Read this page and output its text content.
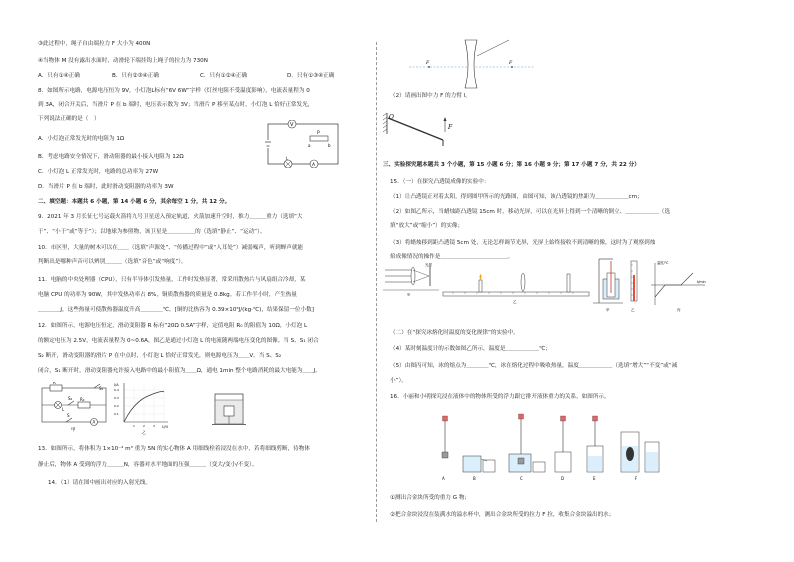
③此过程中，绳子自由端拉力 F 大小为 400N
④当物体 M 没有露出水面时，动滑轮下端挂钩上绳子的拉力为 730N
A．只有①④正确	B．只有②③④正确	C．只有①②④正确	D．只有①③④正确
8．如图所示电路，电源电压恒为 9V，小灯泡L标有“6V 6W”字样（灯丝电阻不受温度影响），电流表量程为 0
到 3A，闭合开关后，当滑片 P 在 b 端时，电压表示数为 3V；当滑片 P 移至某点时，小灯泡 L 恰好正常发光，
下列说法正确的是（　）
A．小灯泡正常发光时的电阻为 1Ω
B．考虑电路安全情况下，滑动阻器的最小接入电阻为 12Ω
C．小灯泡 L 正常发光时，电路的总功率为 27W
D．当滑片 P 在 b 端时，此时滑动变阻器的功率为 3W
V
P
a	b
L
A
二、填空题：本题共 6 小题，第 14 小题 6 分，其余每空 1 分，共 12 分。
9．2021 年 3 月长征七号运载火箭将九号卫星送入预定轨道，火箭加速升空时，推力＿＿＿重力（选填“大
于”、“小于”或“等于”）；以地球为参照物，该卫星是＿＿＿＿＿的（选填“静止”、“运动”）。
10．市区里，大量的树木可以在＿＿（选填“声源处”、“传播过程中”或“人耳处”）减弱噪声，听到蝉声就能
判断出是哪种声音可以辨别＿＿＿（选填“音色”或“响度”）。
11．电脑的中央处理器（CPU），只有半导体引发热量，工作时发热显著，常采用散热片与风扇组合冷却，某
电脑 CPU 的功率为 90W，其中发热功率占 8%，铜质散热器的质量是 0.8kg。若工作半小时，产生热量
＿＿＿＿J，这些热量可使散热器温度升高＿＿＿＿℃。[铜的比热容为 0.39×10³J/(kg·℃)，结果保留一位小数]
12．如图所示，电源电压恒定，滑动变阻器 R 标有“20Ω 0.5A”字样，定值电阻 R₀ 的阻值为 10Ω，小灯泡 L
的额定电压为 2.5V，电流表量程为 0~0.6A，图乙是通过小灯泡 L 的电流随两端电压变化的图像。当 S、S₁ 闭合
S₂ 断开，滑动变阻器的滑片 P 在中点时，小灯泡 L 恰好正常发光，则电源电压为＿＿V。当 S、S₂
闭合，S₁ 断开时，滑动变阻器允许接入电路中的最小阻值为＿＿Ω，通电 1min 整个电路消耗的最大电能为＿＿J。
R
R₀
L
A
S
S₁
S₂
甲
I/A
U/V
0.4
0.3
0.2
0.1
1	2	3
乙
13．如图所示，将体积为 1×10⁻⁴ m³ 重为 5N 的实心物体 A 用细线栓着浸没在水中，若将细线剪断，待物体
静止后，物体 A 受到的浮力＿＿＿N，容器对水平地面的压强＿＿＿（变大/变小/不变）。
14．（1）请在图中画出对应的入射光线。
F	F
（2）请画出图中力 F 的力臂 l。
O
F
三、实验探究题本题共 3 个小题，第 15 小题 6 分；第 16 小题 9 分；第 17 小题 7 分，共 22 分）
15．（一）在探究凸透镜成像的实验中：
（1）让凸透镜正对着太阳，得到图甲所示的光路图，由图可知，该凸透镜的焦距为＿＿＿＿＿＿cm；
（2）如图乙所示，当蜡烛距凸透镜 15cm 时，移动光屏，可以在光屏上得到一个清晰的倒立、＿＿＿＿＿＿（选
填“放大”或“缩小”）的实像；
（3）将蜡烛移到距凸透镜 5cm 处，无论怎样调节光屏，光屏上始终接收不到清晰的像，这时为了观察到烛
焰成像情况的操作是＿＿＿＿＿＿＿＿＿＿＿＿。
光屏
甲
乙
甲	乙
温度/℃
t/min
丙
（二）在“探究冰熔化时温度的变化规律”的实验中。
（4）某时刻温度计的示数如图乙所示，温度是＿＿＿＿＿＿℃；
（5）由图丙可知，冰的熔点为＿＿＿＿℃，冰在熔化过程中吸收热量，温度＿＿＿＿＿＿（选填“增大”“不变”或“减
小”）。
16．小丽和小明探究浸在液体中的物体所受的浮力跟它排开液体重力的关系，如图所示。
A	B	C	D	E	F
①测出合金块所受的重力 G 物；
②把合金块浸没在装满水的溢水杯中，测出合金块所受的拉力 F 拉，收集合金块溢出的水；
